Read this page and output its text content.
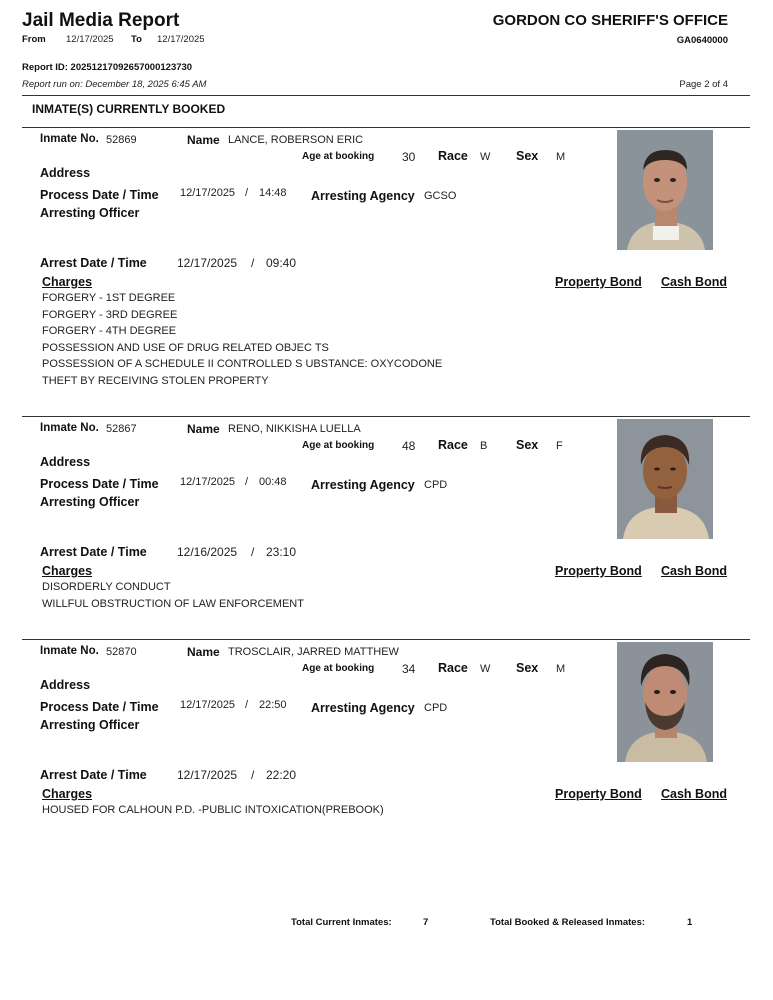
Jail Media Report
From 12/17/2025 To 12/17/2025
GORDON CO SHERIFF'S OFFICE
GA0640000
Report ID: 20251217092657000123730
Report run on: December 18, 2025 6:45 AM	Page 2 of 4
INMATE(S) CURRENTLY BOOKED
Inmate No. 52869	Name LANCE, ROBERSON ERIC
Age at booking 30 Race W Sex M
Address
Process Date / Time 12/17/2025 / 14:48 Arresting Agency GCSO
Arresting Officer
Arrest Date / Time	12/17/2025 / 09:40
Charges	Property Bond Cash Bond
FORGERY - 1ST DEGREE
FORGERY - 3RD DEGREE
FORGERY - 4TH DEGREE
POSSESSION AND USE OF DRUG RELATED OBJEC TS
POSSESSION OF A SCHEDULE II CONTROLLED S UBSTANCE: OXYCODONE
THEFT BY RECEIVING STOLEN PROPERTY
Inmate No. 52867	Name RENO, NIKKISHA LUELLA
Age at booking 48 Race B Sex F
Address
Process Date / Time 12/17/2025 / 00:48 Arresting Agency CPD
Arresting Officer
Arrest Date / Time	12/16/2025 / 23:10
Charges	Property Bond Cash Bond
DISORDERLY CONDUCT
WILLFUL OBSTRUCTION OF LAW ENFORCEMENT
Inmate No. 52870	Name TROSCLAIR, JARRED MATTHEW
Age at booking 34 Race W Sex M
Address
Process Date / Time 12/17/2025 / 22:50 Arresting Agency CPD
Arresting Officer
Arrest Date / Time	12/17/2025 / 22:20
Charges	Property Bond Cash Bond
HOUSED FOR CALHOUN P.D. -PUBLIC INTOXICATION(PREBOOK)
Total Current Inmates:	7	Total Booked & Released Inmates:	1
